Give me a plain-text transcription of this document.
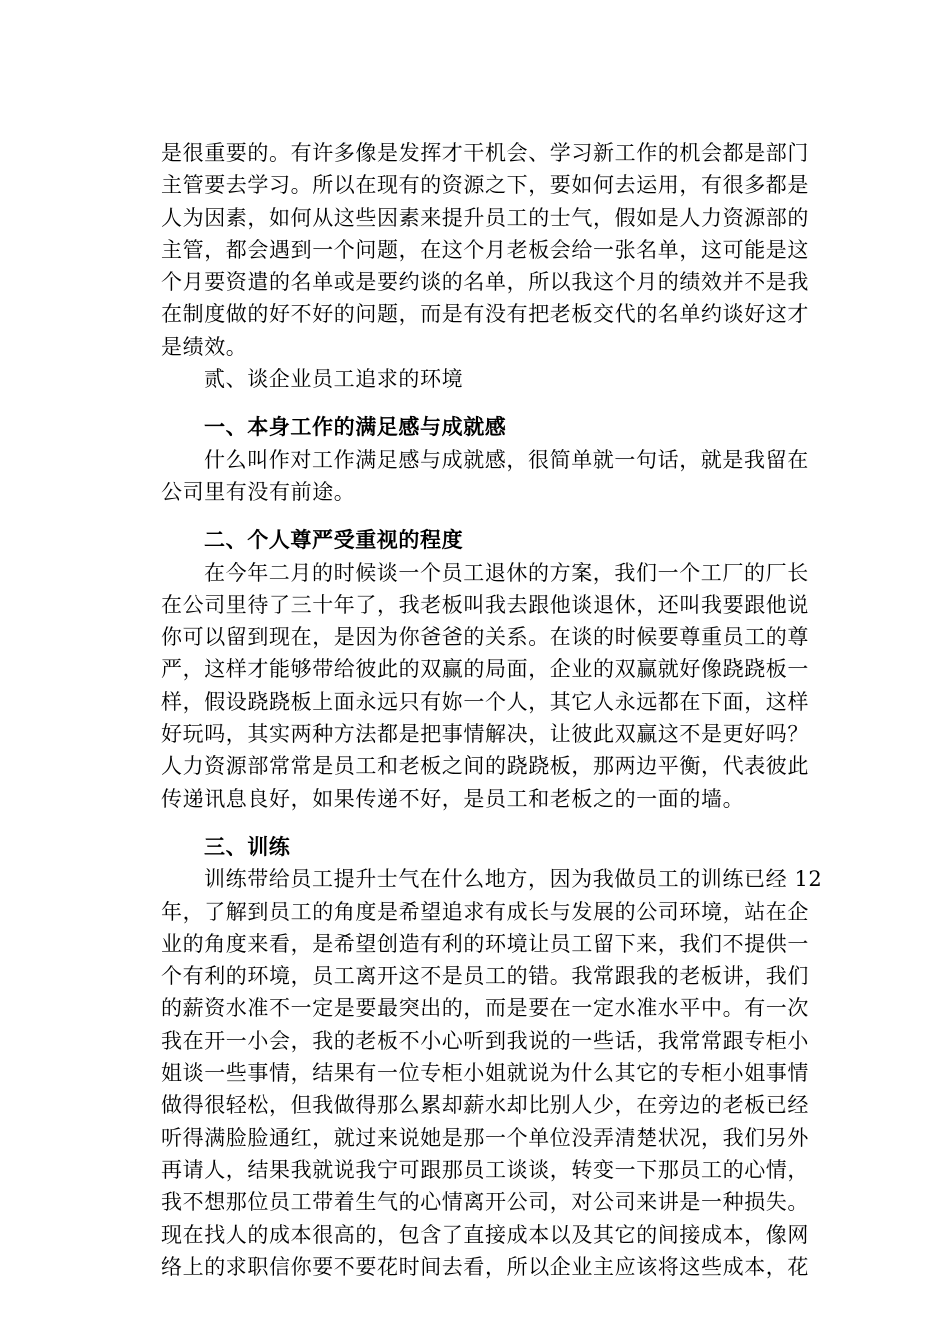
是很重要的。有许多像是发挥才干机会、学习新工作的机会都是部门
主管要去学习。所以在现有的资源之下，要如何去运用，有很多都是
人为因素，如何从这些因素来提升员工的士气，假如是人力资源部的
主管，都会遇到一个问题，在这个月老板会给一张名单，这可能是这
个月要资遣的名单或是要约谈的名单，所以我这个月的绩效并不是我
在制度做的好不好的问题，而是有没有把老板交代的名单约谈好这才
是绩效。
贰、谈企业员工追求的环境
一、本身工作的满足感与成就感
什么叫作对工作满足感与成就感，很简单就一句话，就是我留在
公司里有没有前途。
二、个人尊严受重视的程度
在今年二月的时候谈一个员工退休的方案，我们一个工厂的厂长
在公司里待了三十年了，我老板叫我去跟他谈退休，还叫我要跟他说
你可以留到现在，是因为你爸爸的关系。在谈的时候要尊重员工的尊
严，这样才能够带给彼此的双赢的局面，企业的双赢就好像跷跷板一
样，假设跷跷板上面永远只有妳一个人，其它人永远都在下面，这样
好玩吗，其实两种方法都是把事情解决，让彼此双赢这不是更好吗？
人力资源部常常是员工和老板之间的跷跷板，那两边平衡，代表彼此
传递讯息良好，如果传递不好，是员工和老板之的一面的墙。
三、训练
训练带给员工提升士气在什么地方，因为我做员工的训练已经 12
年，了解到员工的角度是希望追求有成长与发展的公司环境，站在企
业的角度来看，是希望创造有利的环境让员工留下来，我们不提供一
个有利的环境，员工离开这不是员工的错。我常跟我的老板讲，我们
的薪资水准不一定是要最突出的，而是要在一定水准水平中。有一次
我在开一小会，我的老板不小心听到我说的一些话，我常常跟专柜小
姐谈一些事情，结果有一位专柜小姐就说为什么其它的专柜小姐事情
做得很轻松，但我做得那么累却薪水却比别人少，在旁边的老板已经
听得满脸脸通红，就过来说她是那一个单位没弄清楚状况，我们另外
再请人，结果我就说我宁可跟那员工谈谈，转变一下那员工的心情，
我不想那位员工带着生气的心情离开公司，对公司来讲是一种损失。
现在找人的成本很高的，包含了直接成本以及其它的间接成本，像网
络上的求职信你要不要花时间去看，所以企业主应该将这些成本，花
